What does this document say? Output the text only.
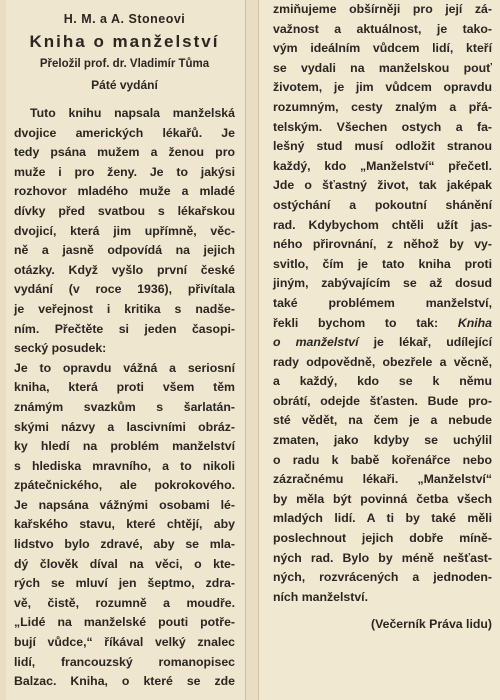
H. M. a A. Stoneovi
Kniha o manželství
Přeložil prof. dr. Vladimír Tůma
Páté vydání
Tuto knihu napsala manželská
dvojice amerických lékařů. Je
tedy psána mužem a ženou pro
muže i pro ženy. Je to jakýsi
rozhovor mladého muže a mladé
dívky před svatbou s lékařskou
dvojicí, která jim upřímně, věc-
ně a jasně odpovídá na jejich
otázky. Když vyšlo první české
vydání (v roce 1936), přivítala
je veřejnost i kritika s nadše-
ním. Přečtěte si jeden časopi-
secký posudek:
Je to opravdu vážná a seriosní
kniha, která proti všem těm
známým svazkům s šarlatán-
skými názvy a lascivními obráz-
ky hledí na problém manželství
s hlediska mravního, a to nikoli
zpátečnického, ale pokrokového.
Je napsána vážnými osobami lé-
kařského stavu, které chtějí, aby
lidstvo bylo zdravé, aby se mla-
dý člověk díval na věci, o kte-
rých se mluví jen šeptmo, zdra-
vě, čistě, rozumně a moudře.
„Lidé na manželské pouti potře-
bují vůdce,“ říkával velký znalec
lidí, francouzský romanopisec
Balzac. Kniha, o které se zde
zmiňujeme obšírněji pro její zá-
važnost a aktuálnost, je tako-
vým ideálním vůdcem lidí, kteří
se vydali na manželskou pouť
životem, je jim vůdcem opravdu
rozumným, cesty znalým a přá-
telským. Všechen ostych a fa-
lešný stud musí odložit stranou
každý, kdo „Manželství“ přečetl.
Jde o šťastný život, tak jaképak
ostýchání a pokoutní shánění
rad. Kdybychom chtěli užít jas-
ného přirovnání, z něhož by vy-
svitlo, čím je tato kniha proti
jiným, zabývajícím se až dosud
také problémem manželství,
řekli bychom to tak: Kniha
o manželství je lékař, udílející
rady odpovědně, obezřele a věcně,
a každý, kdo se k němu
obrátí, odejde šťasten. Bude pro-
sté vědět, na čem je a nebude
zmaten, jako kdyby se uchýlil
o radu k babě kořenářce nebo
zázračnému lékaři. „Manželství“
by měla být povinná četba všech
mladých lidí. A ti by také měli
poslechnout jejich dobře míně-
ných rad. Bylo by méně nešťast-
ných, rozvrácených a jednoden-
ních manželství.
(Večerník Práva lidu)
